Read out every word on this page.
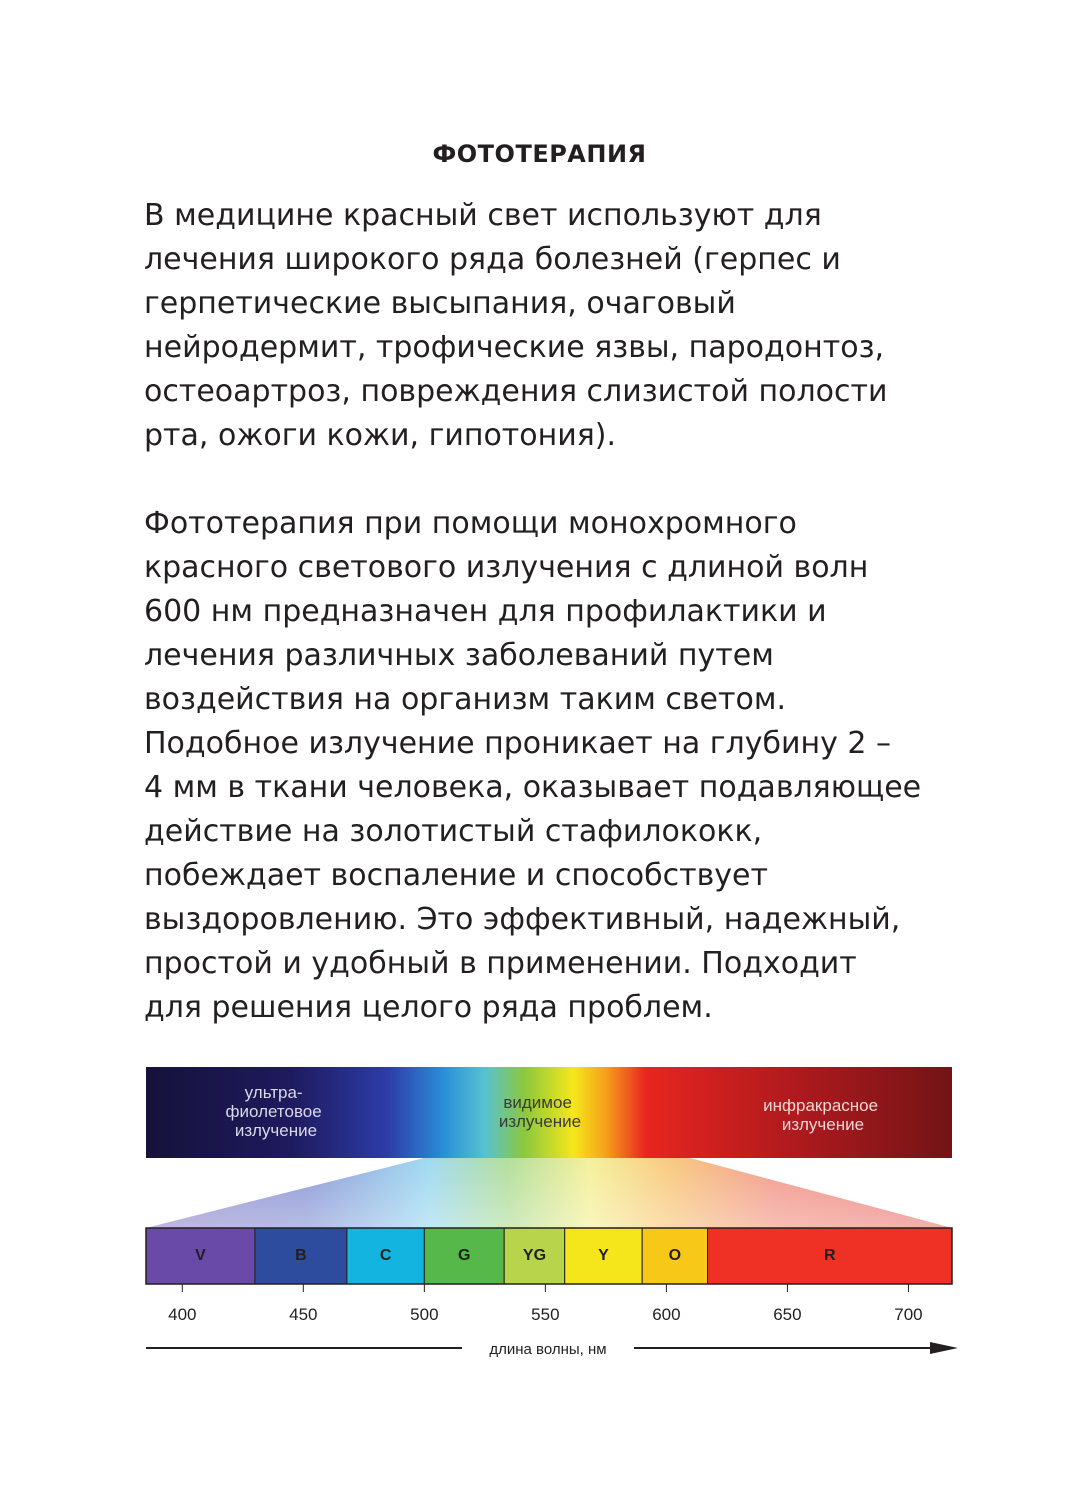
ФОТОТЕРАПИЯ

В медицине красный свет используют для
лечения широкого ряда болезней (герпес и
герпетические высыпания, очаговый
нейродермит, трофические язвы, пародонтоз,
остеоартроз, повреждения слизистой полости
рта, ожоги кожи, гипотония).

Фототерапия при помощи монохромного
красного светового излучения с длиной волн
600 нм предназначен для профилактики и
лечения различных заболеваний путем
воздействия на организм таким светом.
Подобное излучение проникает на глубину 2 –
4 мм в ткани человека, оказывает подавляющее
действие на золотистый стафилококк,
побеждает воспаление и способствует
выздоровлению. Это эффективный, надежный,
простой и удобный в применении. Подходит
для решения целого ряда проблем.

ультра- фиолетовое излучение
видимое излучение
инфракрасное излучение
V	B	C	G	YG	Y	O	R
400	450	500	550	600	650	700
длина волны, нм
